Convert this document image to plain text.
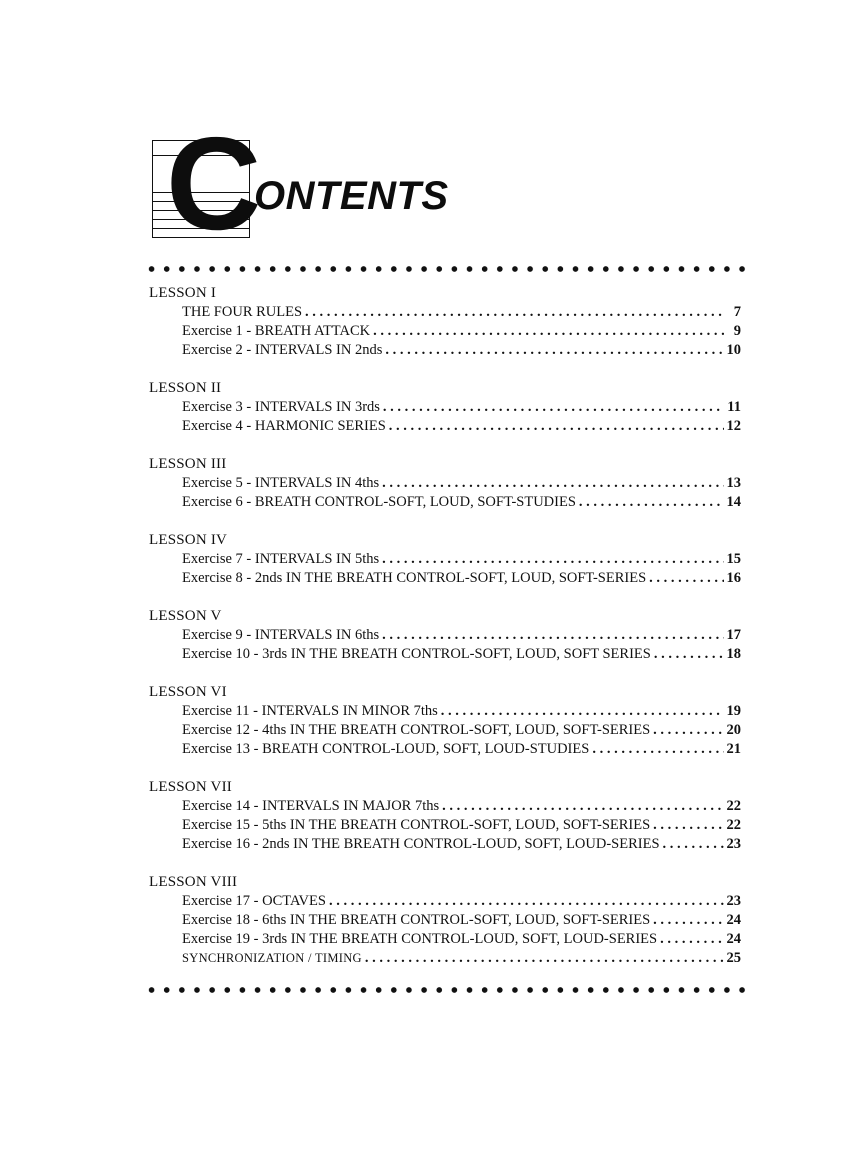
C
ONTENTS
LESSON I
THE FOUR RULES . . .	7
Exercise 1 - BREATH ATTACK . . .	9
Exercise 2 - INTERVALS IN 2nds . . .	10
LESSON II
Exercise 3 - INTERVALS IN 3rds . . .	11
Exercise 4 - HARMONIC SERIES . . .	12
LESSON III
Exercise 5 - INTERVALS IN 4ths . . .	13
Exercise 6 - BREATH CONTROL-SOFT, LOUD, SOFT-STUDIES . . .	14
LESSON IV
Exercise 7 - INTERVALS IN 5ths . . .	15
Exercise 8 - 2nds IN THE BREATH CONTROL-SOFT, LOUD, SOFT-SERIES . . .	16
LESSON V
Exercise 9 - INTERVALS IN 6ths . . .	17
Exercise 10 - 3rds IN THE BREATH CONTROL-SOFT, LOUD, SOFT SERIES . . .	18
LESSON VI
Exercise 11 - INTERVALS IN MINOR 7ths . . .	19
Exercise 12 - 4ths IN THE BREATH CONTROL-SOFT, LOUD, SOFT-SERIES . . .	20
Exercise 13 - BREATH CONTROL-LOUD, SOFT, LOUD-STUDIES . . .	21
LESSON VII
Exercise 14 - INTERVALS IN MAJOR 7ths . . .	22
Exercise 15 - 5ths IN THE BREATH CONTROL-SOFT, LOUD, SOFT-SERIES . . .	22
Exercise 16 - 2nds IN THE BREATH CONTROL-LOUD, SOFT, LOUD-SERIES . . .	23
LESSON VIII
Exercise 17 - OCTAVES . . .	23
Exercise 18 - 6ths IN THE BREATH CONTROL-SOFT, LOUD, SOFT-SERIES . . .	24
Exercise 19 - 3rds IN THE BREATH CONTROL-LOUD, SOFT, LOUD-SERIES . . .	24
SYNCHRONIZATION / TIMING . . .	25
